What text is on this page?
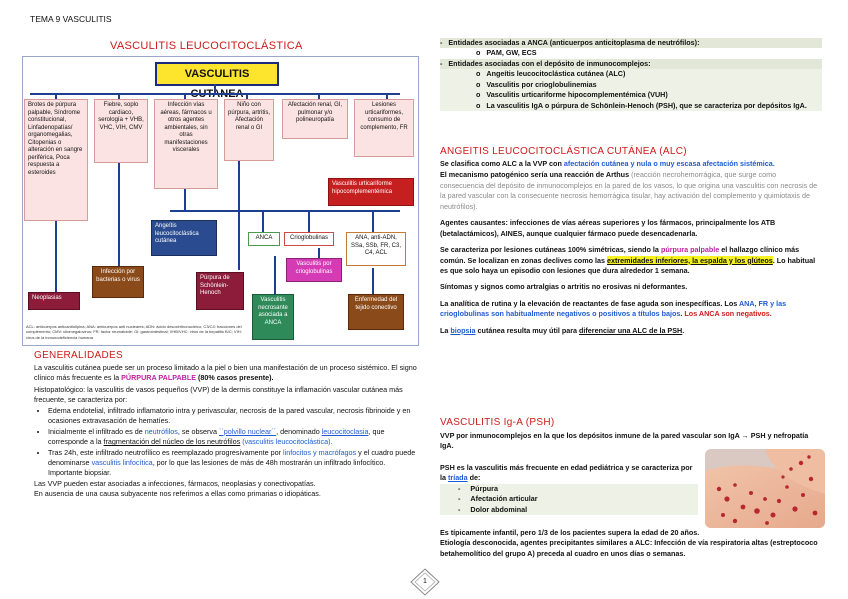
TEMA 9 VASCULITIS
VASCULITIS LEUCOCITOCLÁSTICA
VASCULITIS
Brotes de púrpura palpable, Síndrome constitucional, Linfadenopatías/ organomegalias, Citopenias o alteración en sangre periférica, Poca respuesta a esteroides
Fiebre, soplo cardiaco, serología + VHB, VHC, VIH, CMV
Infección vías aéreas, fármacos u otros agentes ambientales, sin otras manifestaciones viscerales
Niño con púrpura, artritis, Afectación renal o GI
Afectación renal, GI, pulmonar y/o polineuropatía
Lesiones urticariformes, consumo de complemento, FR
Vasculitis urticariforme hipocomplementémica
Angeítis leucocitoclástica cutánea	ANCA	Crioglobulinas	ANA, anti-ADN, SSa, SSb, FR, C3, C4, ACL
Vasculitis por crioglobulinas
Neoplasias
Infección por bacterias o virus	Púrpura de Schönlein-Henoch
Vasculitis necrosante asociada a ANCA
Enfermedad del tejido conectivo
ACL: anticuerpos anticardiolipina; ANA: anticuerpos anti nucleares; ADN: ácido desoxirribonucleico; C3/C4: fracciones del complemento; CMV: citomegalovirus; FR: factor reumatoide; GI: gastrointestinal; VHB/VHC: virus de la hepatitis B/C; VIH: virus de la inmunodeficiencia humana
GENERALIDADES
La vasculitis cutánea puede ser un proceso limitado a la piel o bien una manifestación de un proceso sistémico. El signo clínico más frecuente es la PÚRPURA PALPABLE (80% casos presente).
Histopatológico: la vasculitis de vasos pequeños (VVP) de la dermis constituye la inflamación vascular cutánea más frecuente, se caracteriza por:
• Edema endotelial, infiltrado inflamatorio intra y perivascular, necrosis de la pared vascular, necrosis fibrinoide y en ocasiones extravasación de hematíes.
• Inicialmente el infiltrado es de neutrófilos, se observa ``polvillo nuclear´´, denominado leucocitoclasia, que corresponde a la fragmentación del núcleo de los neutrófilos (vasculitis leucocitoclástica).
• Tras 24h, este infiltrado neutrofílico es reemplazado progresivamente por linfocitos y macrófagos y el cuadro puede denominarse vasculitis linfocítica, por lo que las lesiones de más de 48h mostrarán un infiltrado linfocítico. Importante biopsiar.
Las VVP pueden estar asociadas a infecciones, fármacos, neoplasias y conectivopatías.
En ausencia de una causa subyacente nos referimos a ellas como primarias o idiopáticas.
-   Entidades asociadas a ANCA (anticuerpos anticitoplasma de neutrófilos):
o   PAM, GW, ECS
-   Entidades asociadas con el depósito de inmunocomplejos:
o   Angeítis leucocitoclástica cutánea (ALC)
o   Vasculitis por crioglobulinemias
o   Vasculitis urticariforme hipocomplementémica (VUH)
o   La vasculitis IgA o púrpura de Schönlein-Henoch (PSH), que se caracteriza por depósitos IgA.
ANGEITIS LEUCOCITOCLÁSTICA CUTÁNEA (ALC)
Se clasifica como ALC a la VVP con afectación cutánea y nula o muy escasa afectación sistémica.
El mecanismo patogénico sería una reacción de Arthus (reacción necrohemorrágica, que surge como consecuencia del depósito de inmunocomplejos en la pared de los vasos, lo que origina una vasculitis con necrosis de la pared vascular con la consecuente necrosis hemorrágica tisular, hay activación del complemento y quimiotaxis de neutrófilos).
Agentes causantes: infecciones de vías aéreas superiores y los fármacos, principalmente los ATB (betalactámicos), AINES, aunque cualquier fármaco puede desencadenarla.
Se caracteriza por lesiones cutáneas 100% simétricas, siendo la púrpura palpable el hallazgo clínico más común. Se localizan en zonas declives como las extremidades inferiores, la espalda y los glúteos. Lo habitual es que solo haya un episodio con lesiones que dura alrededor 1 semana.
Síntomas y signos como artralgias o artritis no erosivas ni deformantes.
La analítica de rutina y la elevación de reactantes de fase aguda son inespecíficas. Los ANA, FR y las crioglobulinas son habitualmente negativos o positivos a títulos bajos. Los ANCA son negativos.
La biopsia cutánea resulta muy útil para diferenciar una ALC de la PSH.
VASCULITIS Ig-A (PSH)
VVP por inmunocomplejos en la que los depósitos inmune de la pared vascular son IgA → PSH y nefropatía IgA.
PSH es la vasculitis más frecuente en edad pediátrica y se caracteriza por la tríada de:
-     Púrpura
-     Afectación articular
-     Dolor abdominal
Es típicamente infantil, pero 1/3 de los pacientes supera la edad de 20 años.
Etiología desconocida, agentes precipitantes similares a ALC: Infección de vía respiratoria altas (estreptococo betahemolítico del grupo A) preceda al cuadro en unos días o semanas.
1
